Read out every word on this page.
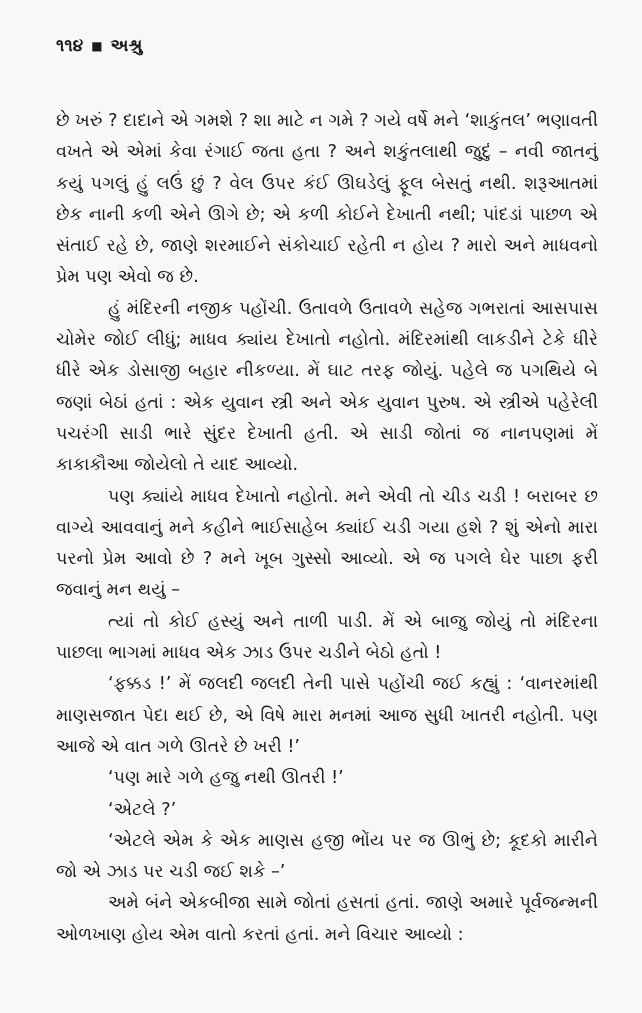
૧૧૪ ■ અશ્રુ

છે ખરું ? દાદાને એ ગમશે ? શા માટે ન ગમે ? ગયે વર્ષે મને ‘શાકુંતલ’ ભણાવતી વખતે એ એમાં કેવા રંગાઈ જતા હતા ? અને શકુંતલાથી જુદું – નવી જાતનું કયું પગલું હું લઉં છું ? વેલ ઉપર કંઈ ઊઘડેલું ફૂલ બેસતું નથી. શરૂઆતમાં છેક નાની કળી એને ઊગે છે; એ કળી કોઈને દેખાતી નથી; પાંદડાં પાછળ એ સંતાઈ રહે છે, જાણે શરમાઈને સંકોચાઈ રહેતી ન હોય ? મારો અને માધવનો પ્રેમ પણ એવો જ છે.

હું મંદિરની નજીક પહોંચી. ઉતાવળે ઉતાવળે સહેજ ગભરાતાં આસપાસ ચોમેર જોઈ લીધું; માધવ ક્યાંય દેખાતો નહોતો. મંદિરમાંથી લાકડીને ટેકે ધીરે ધીરે એક ડોસાજી બહાર નીકળ્યા. મેં ઘાટ તરફ જોયું. પહેલે જ પગથિયે બે જણાં બેઠાં હતાં : એક યુવાન સ્ત્રી અને એક યુવાન પુરુષ. એ સ્ત્રીએ પહેરેલી પચરંગી સાડી ભારે સુંદર દેખાતી હતી. એ સાડી જોતાં જ નાનપણમાં મેં કાકાકૌઆ જોયેલો તે યાદ આવ્યો.

પણ ક્યાંયે માધવ દેખાતો નહોતો. મને એવી તો ચીડ ચડી ! બરાબર છ વાગ્યે આવવાનું મને કહીને ભાઈસાહેબ ક્યાંઈ ચડી ગયા હશે ? શું એનો મારા પરનો પ્રેમ આવો છે ? મને ખૂબ ગુસ્સો આવ્યો. એ જ પગલે ઘેર પાછા ફરી જવાનું મન થયું –

ત્યાં તો કોઈ હસ્યું અને તાળી પાડી. મેં એ બાજુ જોયું તો મંદિરના પાછલા ભાગમાં માધવ એક ઝાડ ઉપર ચડીને બેઠો હતો !

‘ફક્કડ !’ મેં જલદી જલદી તેની પાસે પહોંચી જઈ કહ્યું : ‘વાનરમાંથી માણસજાત પેદા થઈ છે, એ વિષે મારા મનમાં આજ સુધી ખાતરી નહોતી. પણ આજે એ વાત ગળે ઊતરે છે ખરી !’

‘પણ મારે ગળે હજુ નથી ઊતરી !’

‘એટલે ?’

‘એટલે એમ કે એક માણસ હજી ભોંય પર જ ઊભું છે; કૂદકો મારીને જો એ ઝાડ પર ચડી જઈ શકે –’

અમે બંને એકબીજા સામે જોતાં હસતાં હતાં. જાણે અમારે પૂર્વજન્મની ઓળખાણ હોય એમ વાતો કરતાં હતાં. મને વિચાર આવ્યો :
